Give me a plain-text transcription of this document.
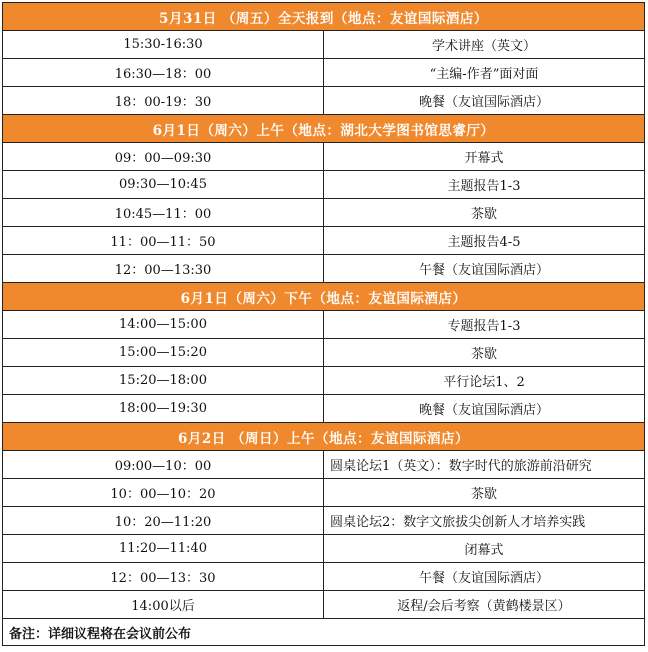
5月31日 （周五）全天报到（地点：友谊国际酒店）	
15:30-16:30	学术讲座（英文）
16:30—18：00	“主编-作者”面对面
18：00-19：30	晚餐（友谊国际酒店）
6月1日（周六）上午（地点：湖北大学图书馆思睿厅）	
09：00—09:30	开幕式
09:30—10:45	主题报告1-3
10:45—11：00	茶歇
11：00—11：50	主题报告4-5
12：00—13:30	午餐（友谊国际酒店）
6月1日（周六）下午（地点：友谊国际酒店）	
14:00—15:00	专题报告1-3
15:00—15:20	茶歇
15:20—18:00	平行论坛1、2
18:00—19:30	晚餐（友谊国际酒店）
6月2日 （周日）上午（地点：友谊国际酒店）	
09:00—10：00	圆桌论坛1（英文）：数字时代的旅游前沿研究
10：00—10：20	茶歇
10：20—11:20	圆桌论坛2：数字文旅拔尖创新人才培养实践
11:20—11:40	闭幕式
12：00—13：30	午餐（友谊国际酒店）
14:00以后	返程/会后考察（黄鹤楼景区）
备注：详细议程将在会议前公布	
